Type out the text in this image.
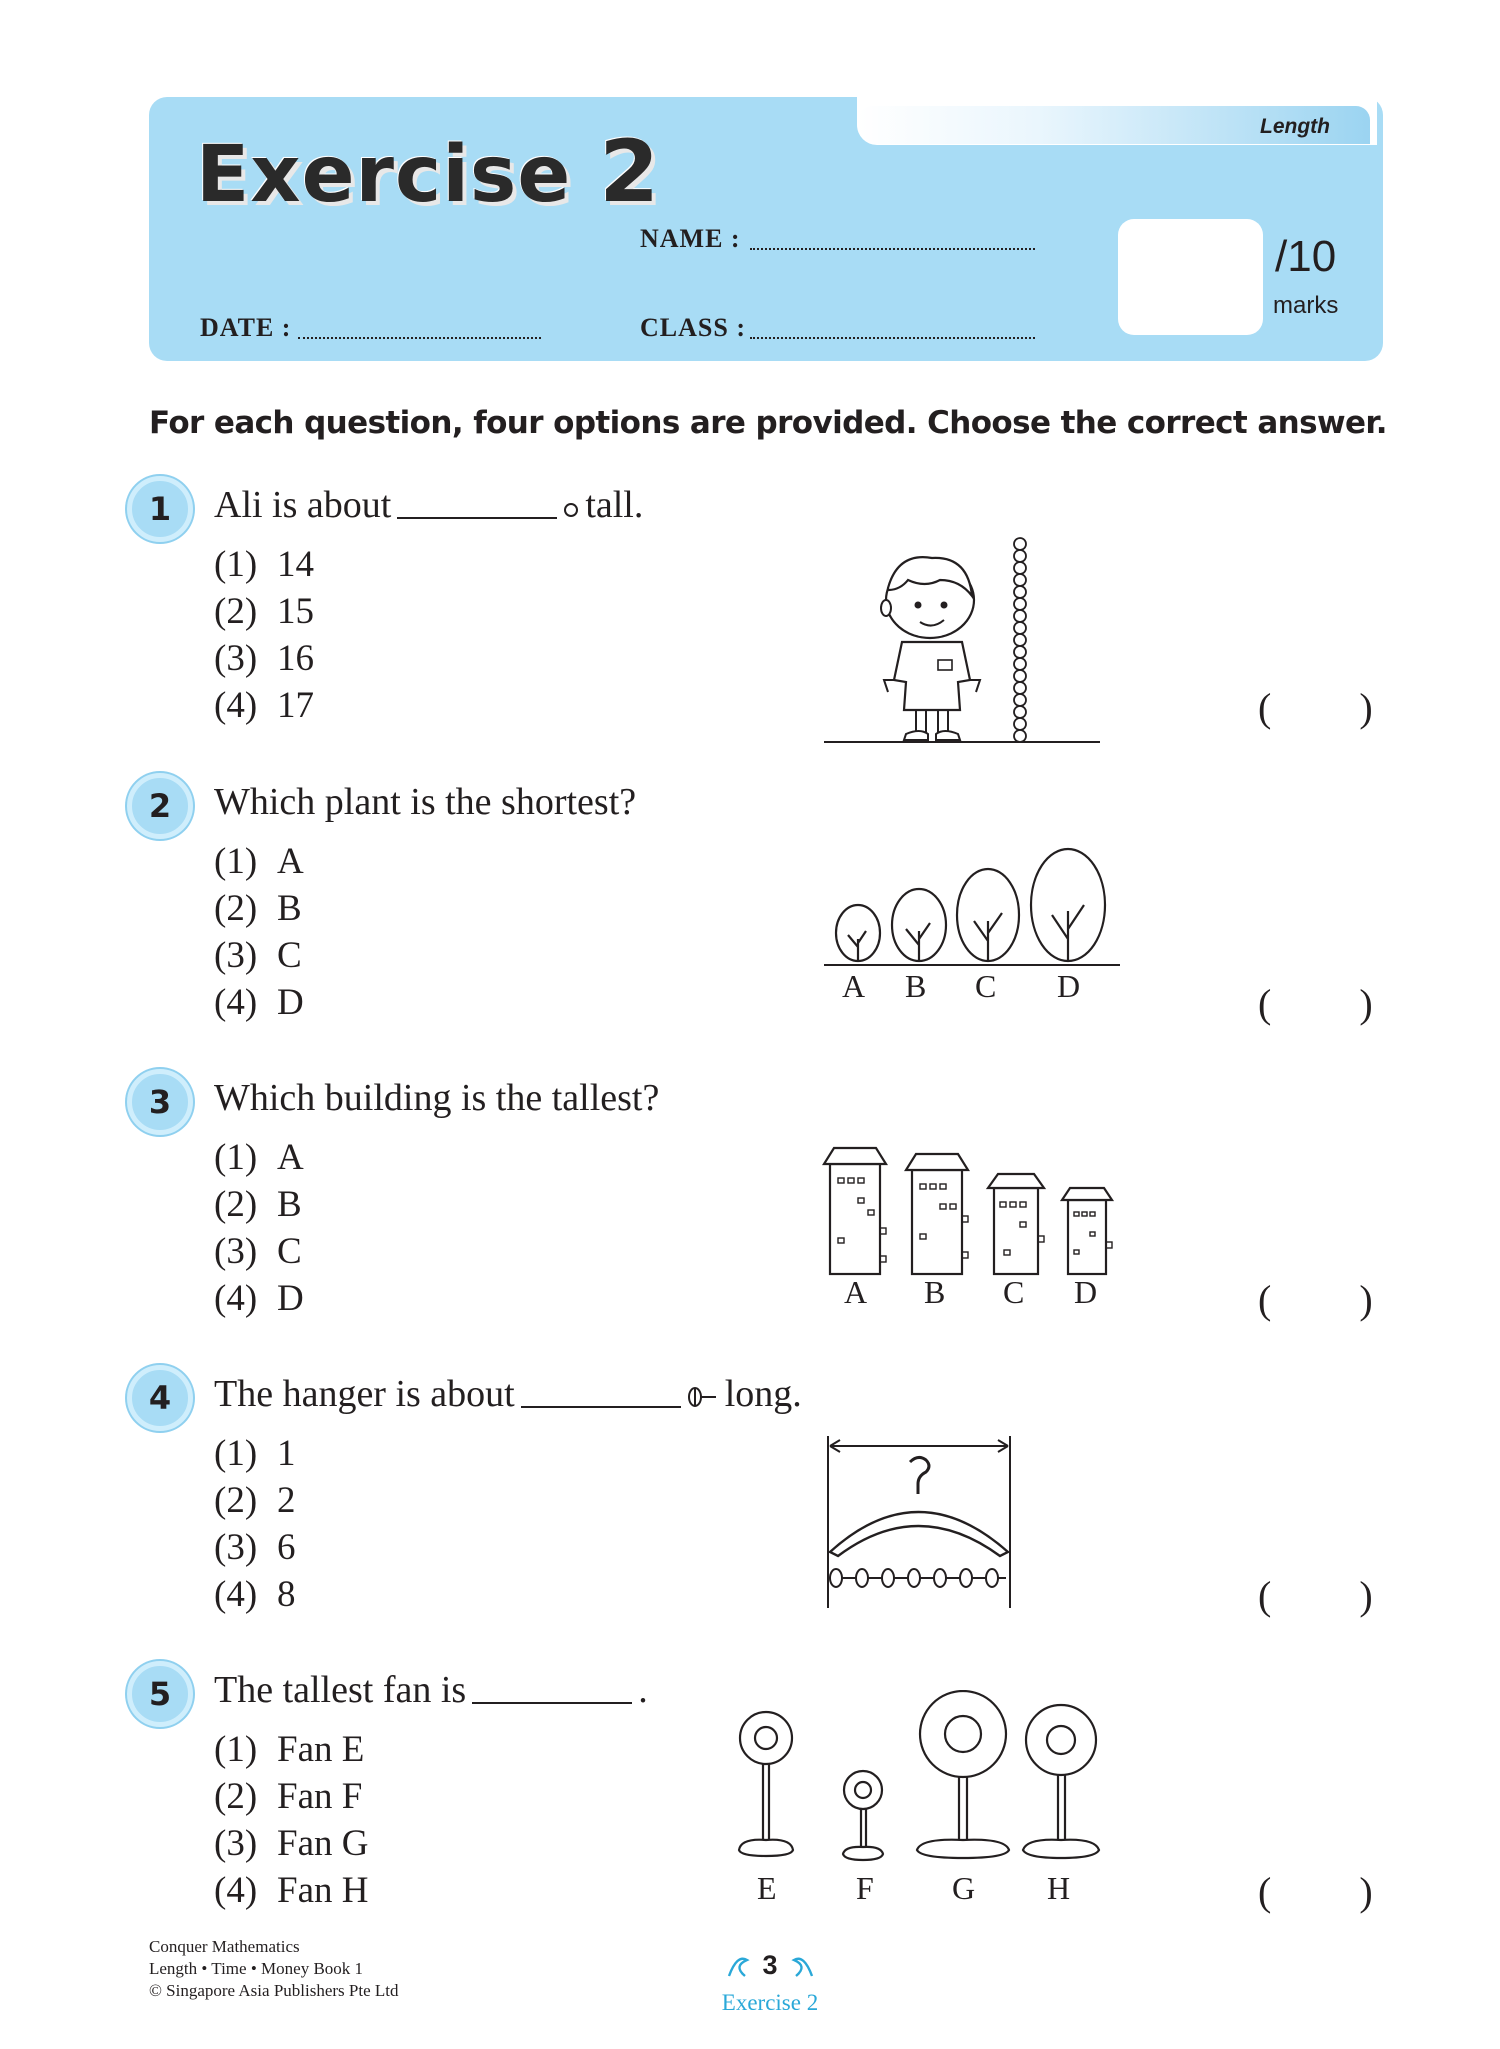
Length
Exercise 2
NAME :
DATE :	CLASS :
/10
marks
For each question, four options are provided. Choose the correct answer.
1	Ali is about	tall.
(1) 14
(2) 15
(3) 16
(4) 17	( )
2	Which plant is the shortest?
(1) A
(2) B
(3) C
(4) D	A B C D	( )
3	Which building is the tallest?
(1) A
(2) B
(3) C
(4) D	A B C D	( )
4	The hanger is about	long.
(1) 1
(2) 2
(3) 6
(4) 8	( )
5	The tallest fan is	.
(1) Fan E
(2) Fan F
(3) Fan G
(4) Fan H	E F G H	( )
Conquer Mathematics
Length • Time • Money Book 1
© Singapore Asia Publishers Pte Ltd
3
Exercise 2
